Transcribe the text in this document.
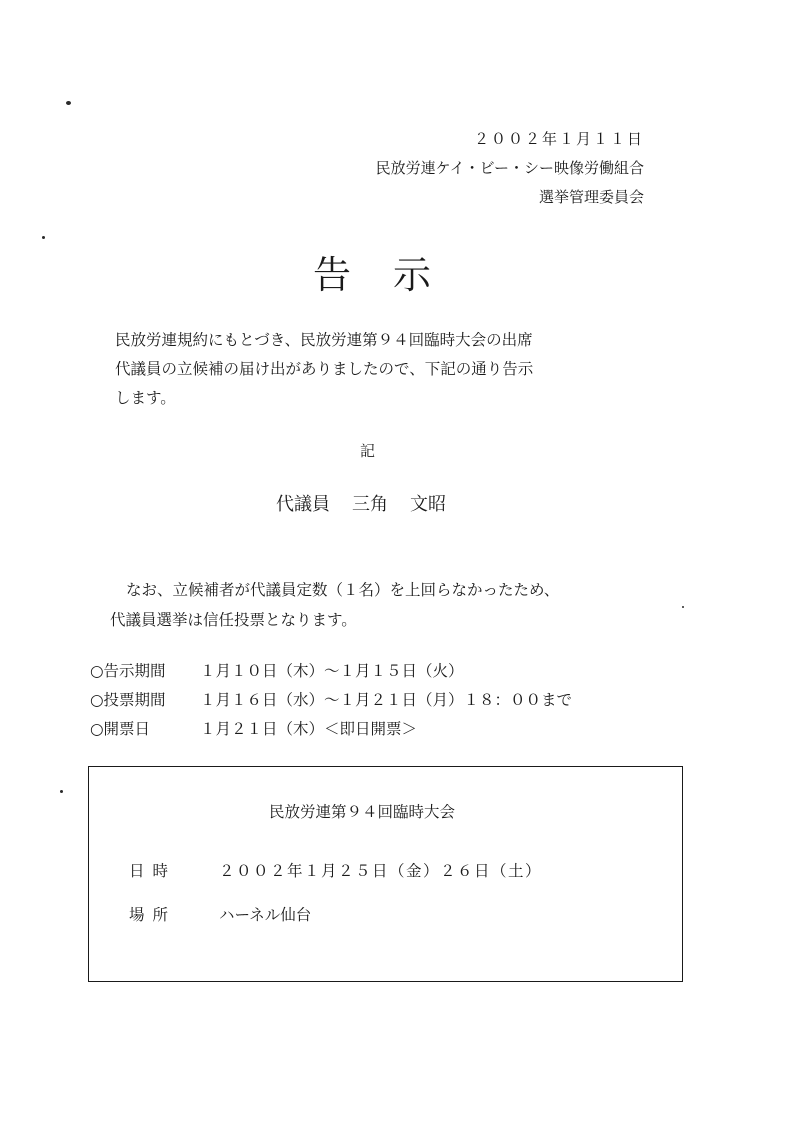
２００２年１月１１日
民放労連ケイ・ビー・シー映像労働組合
選挙管理委員会
告示
民放労連規約にもとづき、民放労連第９４回臨時大会の出席
代議員の立候補の届け出がありましたので、下記の通り告示
します。
記
代議員 三角 文昭
なお、立候補者が代議員定数（１名）を上回らなかったため、
代議員選挙は信任投票となります。
○告示期間 １月１０日（木）～１月１５日（火）
○投票期間 １月１６日（水）～１月２１日（月）１８：００まで
○開票日	１月２１日（木）＜即日開票＞
民放労連第９４回臨時大会
日時	２００２年１月２５日（金）２６日（土）
場所	ハーネル仙台
